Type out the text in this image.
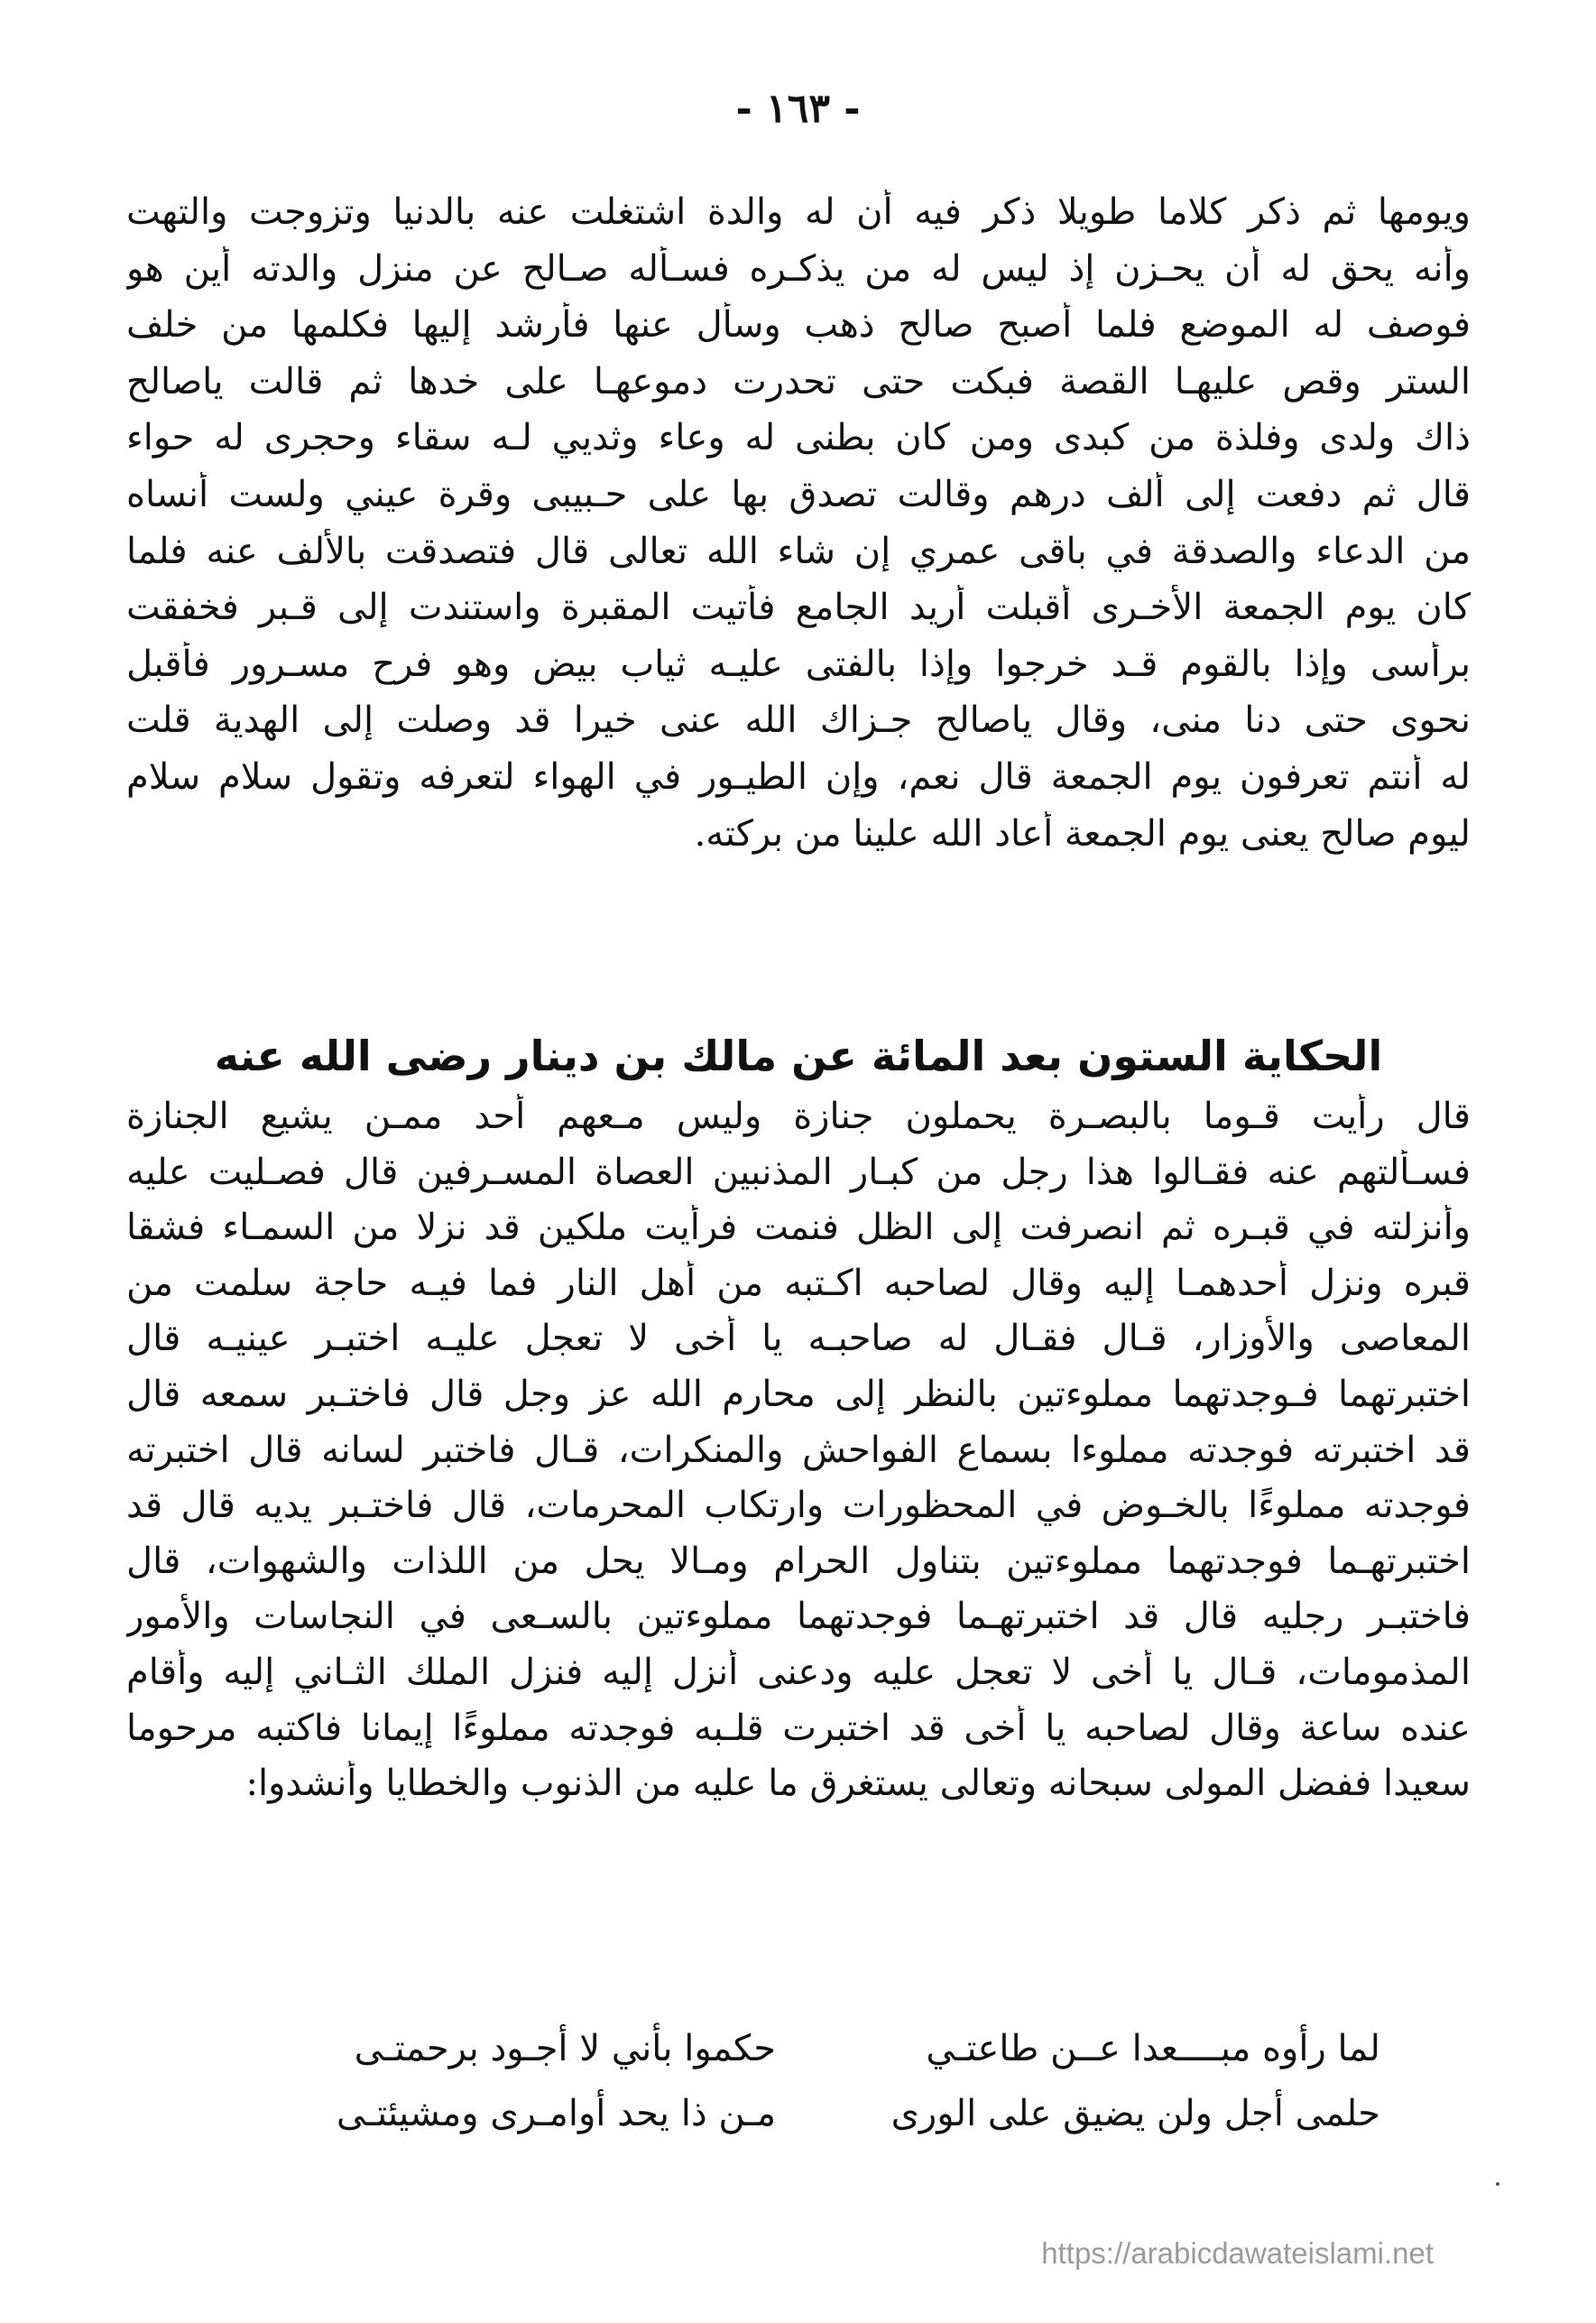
- ١٦٣ -
ويومها ثم ذكر كلاما طويلا ذكر فيه أن له والدة اشتغلت عنه بالدنيا وتزوجت والتهت
وأنه يحق له أن يحـزن إذ ليس له من يذكـره فسـأله صـالح عن منزل والدته أين هو
فوصف له الموضع فلما أصبح صالح ذهب وسأل عنها فأرشد إليها فكلمها من خلف
الستر وقص عليهـا القصة فبكت حتى تحدرت دموعهـا على خدها ثم قالت ياصالح
ذاك ولدى وفلذة من كبدى ومن كان بطنى له وعاء وثديي لـه سقاء وحجرى له حواء
قال ثم دفعت إلى ألف درهم وقالت تصدق بها على حـبيبى وقرة عيني ولست أنساه
من الدعاء والصدقة في باقى عمري إن شاء الله تعالى قال فتصدقت بالألف عنه فلما
كان يوم الجمعة الأخـرى أقبلت أريد الجامع فأتيت المقبرة واستندت إلى قـبر فخفقت
برأسى وإذا بالقوم قـد خرجوا وإذا بالفتى عليـه ثياب بيض وهو فرح مسـرور فأقبل
نحوى حتى دنا منى، وقال ياصالح جـزاك الله عنى خيرا قد وصلت إلى الهدية قلت
له أنتم تعرفون يوم الجمعة قال نعم، وإن الطيـور في الهواء لتعرفه وتقول سلام سلام
ليوم صالح يعنى يوم الجمعة أعاد الله علينا من بركته.
الحكاية الستون بعد المائة عن مالك بن دينار رضى الله عنه
قال رأيت قـوما بالبصـرة يحملون جنازة وليس مـعهم أحد ممـن يشيع الجنازة
فسـألتهم عنه فقـالوا هذا رجل من كبـار المذنبين العصاة المسـرفين قال فصـليت عليه
وأنزلته في قبـره ثم انصرفت إلى الظل فنمت فرأيت ملكين قد نزلا من السمـاء فشقا
قبره ونزل أحدهمـا إليه وقال لصاحبه اكـتبه من أهل النار فما فيـه حاجة سلمت من
المعاصى والأوزار، قـال فقـال له صاحبـه يا أخى لا تعجل عليـه اختبـر عينيـه قال
اختبرتهما فـوجدتهما مملوءتين بالنظر إلى محارم الله عز وجل قال فاختـبر سمعه قال
قد اختبرته فوجدته مملوءا بسماع الفواحش والمنكرات، قـال فاختبر لسانه قال اختبرته
فوجدته مملوءًا بالخـوض في المحظورات وارتكاب المحرمات، قال فاختـبر يديه قال قد
اختبرتهـما فوجدتهما مملوءتين بتناول الحرام ومـالا يحل من اللذات والشهوات، قال
فاختبـر رجليه قال قد اختبرتهـما فوجدتهما مملوءتين بالسـعى في النجاسات والأمور
المذمومات، قـال يا أخى لا تعجل عليه ودعنى أنزل إليه فنزل الملك الثـاني إليه وأقام
عنده ساعة وقال لصاحبه يا أخى قد اختبرت قلـبه فوجدته مملوءًا إيمانا فاكتبه مرحوما
سعيدا ففضل المولى سبحانه وتعالى يستغرق ما عليه من الذنوب والخطايا وأنشدوا:
لما رأوه مبــــعدا عــن طاعتـي
حكموا بأني لا أجـود برحمتـى
حلمى أجل ولن يضيق على الورى
مـن ذا يحد أوامـرى ومشيئتـى
https://arabicdawateislami.net
